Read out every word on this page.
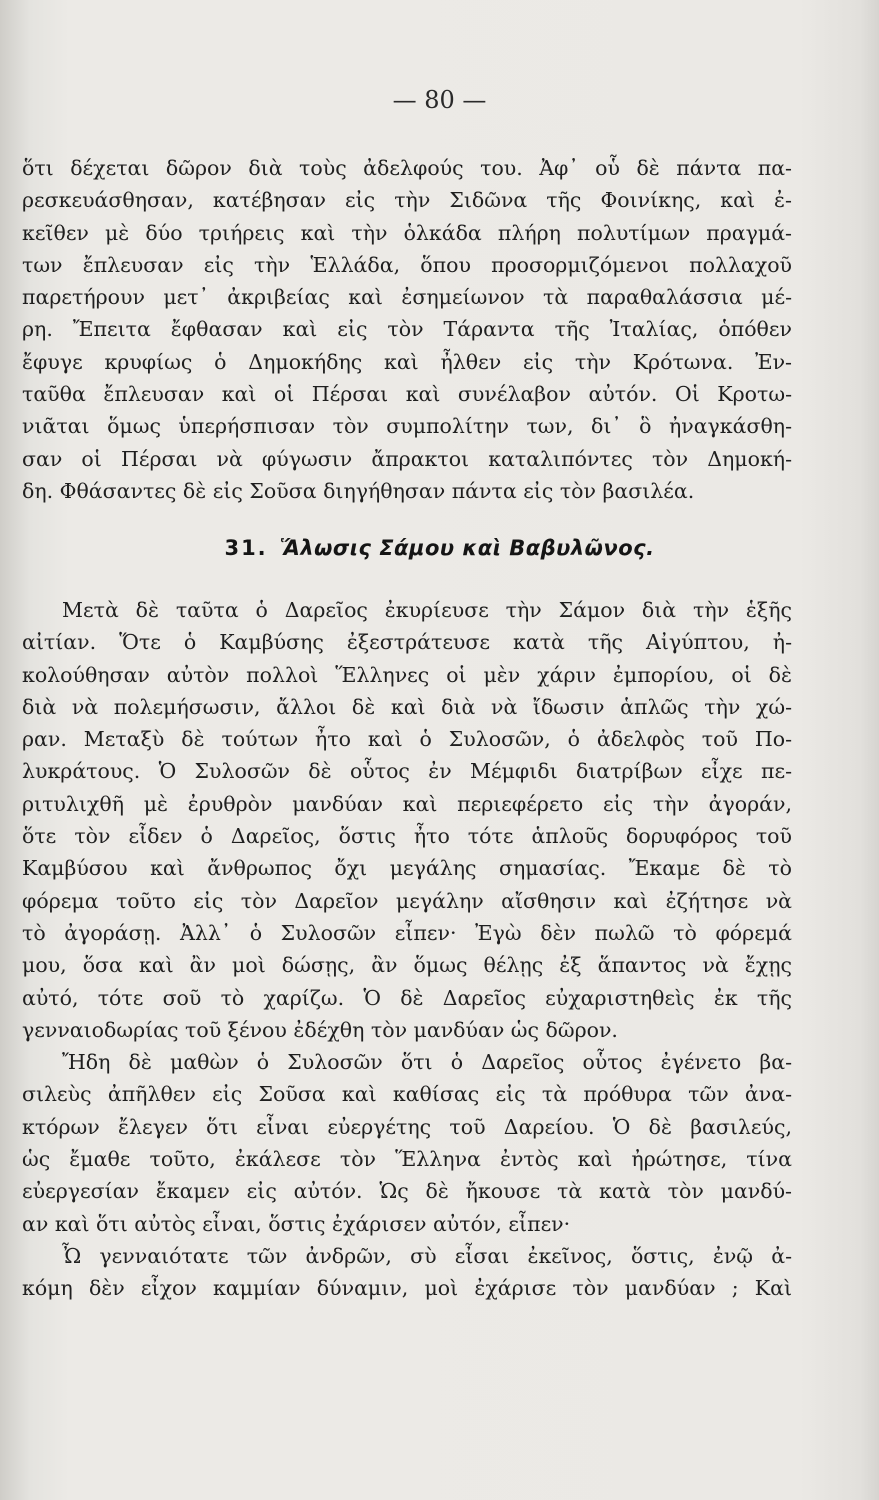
— 80 —
ὅτι δέχεται δῶρον διὰ τοὺς ἀδελφούς του. Ἀφ᾽ οὗ δὲ πάντα πα-
ρεσκευάσθησαν, κατέβησαν εἰς τὴν Σιδῶνα τῆς Φοινίκης, καὶ ἐ-
κεῖθεν μὲ δύο τριήρεις καὶ τὴν ὁλκάδα πλήρη πολυτίμων πραγμά-
των ἔπλευσαν εἰς τὴν Ἑλλάδα, ὅπου προσορμιζόμενοι πολλαχοῦ
παρετήρουν μετ᾽ ἀκριβείας καὶ ἐσημείωνον τὰ παραθαλάσσια μέ-
ρη. Ἔπειτα ἔφθασαν καὶ εἰς τὸν Τάραντα τῆς Ἰταλίας, ὁπόθεν
ἔφυγε κρυφίως ὁ Δημοκήδης καὶ ἦλθεν εἰς τὴν Κρότωνα. Ἐν-
ταῦθα ἔπλευσαν καὶ οἱ Πέρσαι καὶ συνέλαβον αὐτόν. Οἱ Κροτω-
νιᾶται ὅμως ὑπερήσπισαν τὸν συμπολίτην των, δι᾽ ὃ ἠναγκάσθη-
σαν οἱ Πέρσαι νὰ φύγωσιν ἄπρακτοι καταλιπόντες τὸν Δημοκή-
δη. Φθάσαντες δὲ εἰς Σοῦσα διηγήθησαν πάντα εἰς τὸν βασιλέα.
31. Ἅλωσις Σάμου καὶ Βαβυλῶνος.
Μετὰ δὲ ταῦτα ὁ Δαρεῖος ἐκυρίευσε τὴν Σάμον διὰ τὴν ἑξῆς
αἰτίαν. Ὅτε ὁ Καμβύσης ἐξεστράτευσε κατὰ τῆς Αἰγύπτου, ἠ-
κολούθησαν αὐτὸν πολλοὶ Ἕλληνες οἱ μὲν χάριν ἐμπορίου, οἱ δὲ
διὰ νὰ πολεμήσωσιν, ἄλλοι δὲ καὶ διὰ νὰ ἴδωσιν ἁπλῶς τὴν χώ-
ραν. Μεταξὺ δὲ τούτων ἦτο καὶ ὁ Συλοσῶν, ὁ ἀδελφὸς τοῦ Πο-
λυκράτους. Ὁ Συλοσῶν δὲ οὗτος ἐν Μέμφιδι διατρίβων εἶχε πε-
ριτυλιχθῆ μὲ ἐρυθρὸν μανδύαν καὶ περιεφέρετο εἰς τὴν ἀγοράν,
ὅτε τὸν εἶδεν ὁ Δαρεῖος, ὅστις ἦτο τότε ἁπλοῦς δορυφόρος τοῦ
Καμβύσου καὶ ἄνθρωπος ὄχι μεγάλης σημασίας. Ἔκαμε δὲ τὸ
φόρεμα τοῦτο εἰς τὸν Δαρεῖον μεγάλην αἴσθησιν καὶ ἐζήτησε νὰ
τὸ ἀγοράσῃ. Ἀλλ᾽ ὁ Συλοσῶν εἶπεν· Ἐγὼ δὲν πωλῶ τὸ φόρεμά
μου, ὅσα καὶ ἂν μοὶ δώσῃς, ἂν ὅμως θέλῃς ἐξ ἅπαντος νὰ ἔχῃς
αὐτό, τότε σοῦ τὸ χαρίζω. Ὁ δὲ Δαρεῖος εὐχαριστηθεὶς ἐκ τῆς
γενναιοδωρίας τοῦ ξένου ἐδέχθη τὸν μανδύαν ὡς δῶρον.
Ἤδη δὲ μαθὼν ὁ Συλοσῶν ὅτι ὁ Δαρεῖος οὗτος ἐγένετο βα-
σιλεὺς ἀπῆλθεν εἰς Σοῦσα καὶ καθίσας εἰς τὰ πρόθυρα τῶν ἀνα-
κτόρων ἔλεγεν ὅτι εἶναι εὐεργέτης τοῦ Δαρείου. Ὁ δὲ βασιλεύς,
ὡς ἔμαθε τοῦτο, ἐκάλεσε τὸν Ἕλληνα ἐντὸς καὶ ἠρώτησε, τίνα
εὐεργεσίαν ἔκαμεν εἰς αὐτόν. Ὡς δὲ ἤκουσε τὰ κατὰ τὸν μανδύ-
αν καὶ ὅτι αὐτὸς εἶναι, ὅστις ἐχάρισεν αὐτόν, εἶπεν·
Ὦ γενναιότατε τῶν ἀνδρῶν, σὺ εἶσαι ἐκεῖνος, ὅστις, ἐνῷ ἀ-
κόμη δὲν εἶχον καμμίαν δύναμιν, μοὶ ἐχάρισε τὸν μανδύαν ; Καὶ
